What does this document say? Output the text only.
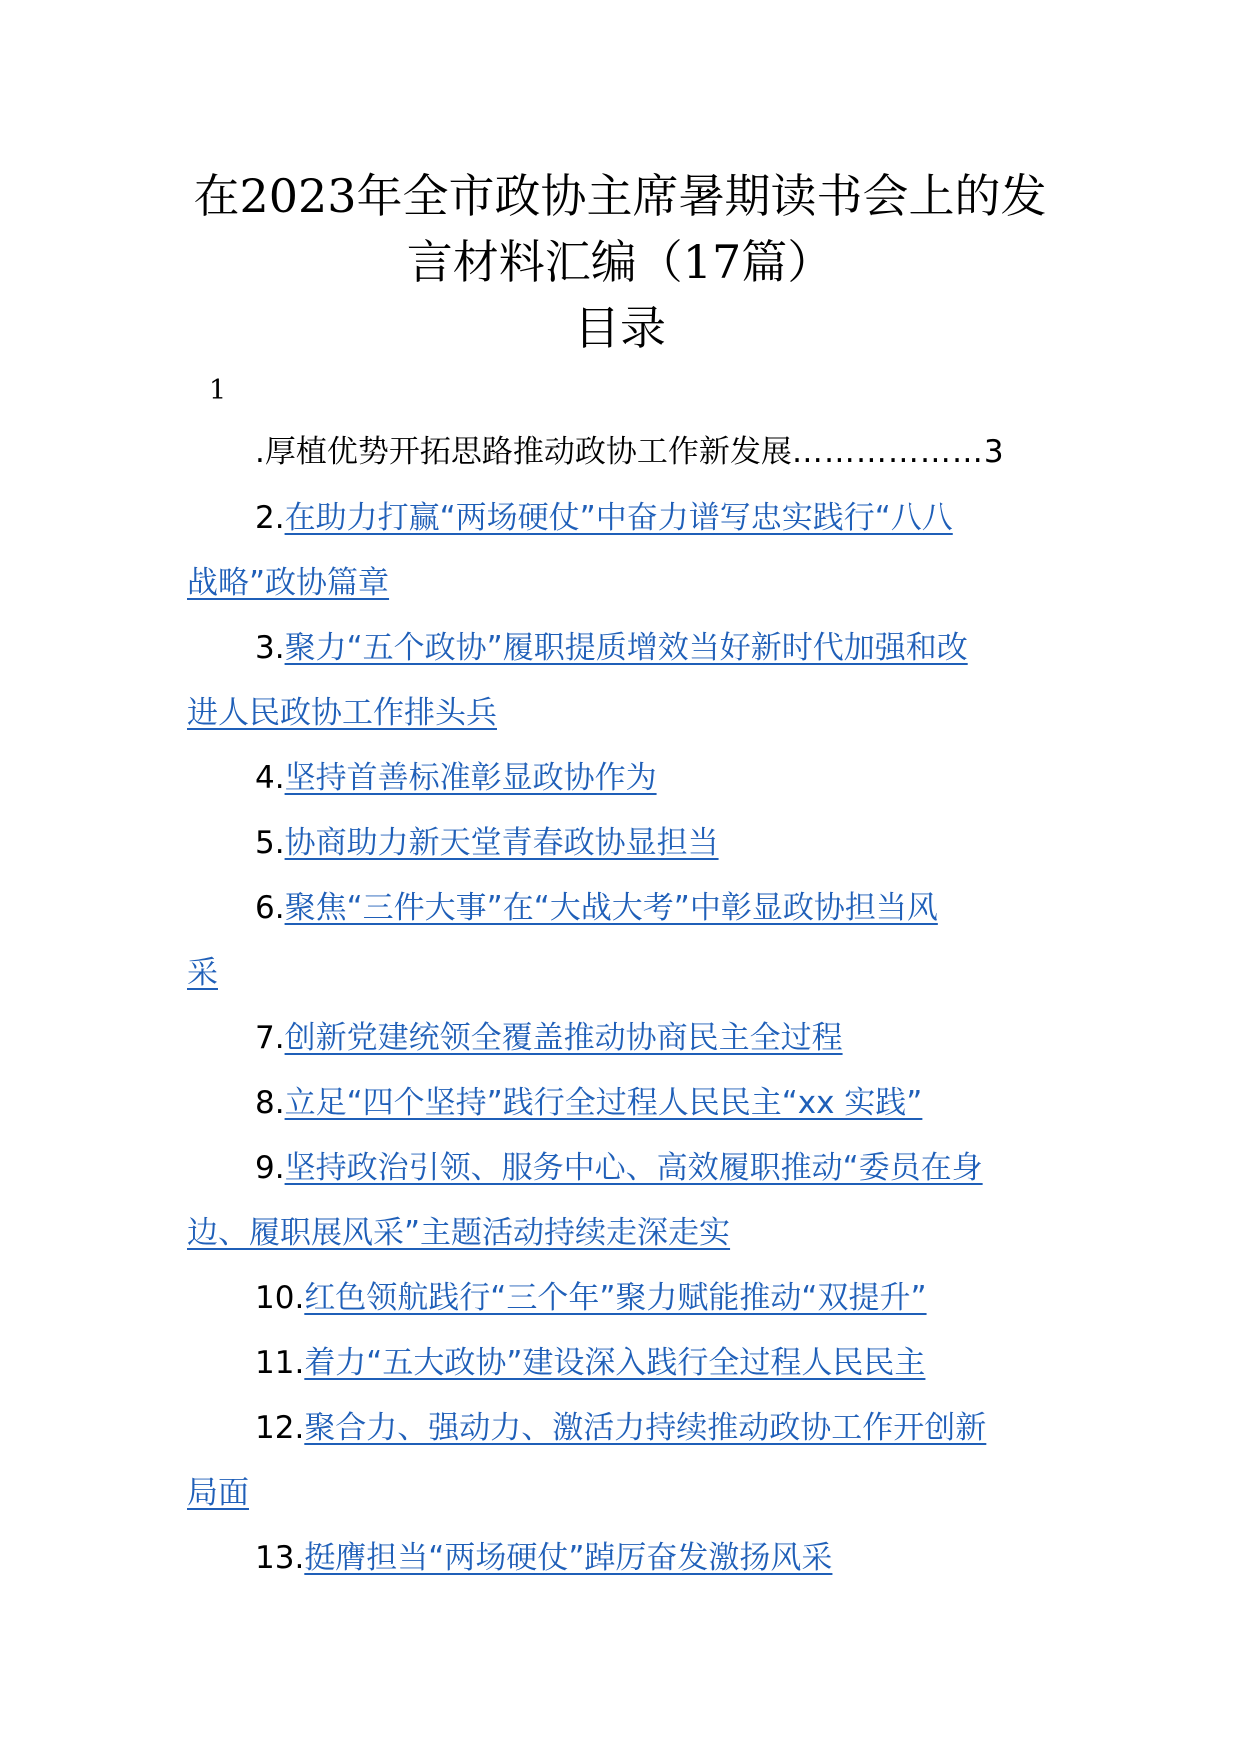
在2023年全市政协主席暑期读书会上的发
言材料汇编（17篇）
目录
1
.厚植优势开拓思路推动政协工作新发展………………3
2.在助力打赢“两场硬仗”中奋力谱写忠实践行“八八
战略”政协篇章
3.聚力“五个政协”履职提质增效当好新时代加强和改
进人民政协工作排头兵
4.坚持首善标准彰显政协作为
5.协商助力新天堂青春政协显担当
6.聚焦“三件大事”在“大战大考”中彰显政协担当风
采
7.创新党建统领全覆盖推动协商民主全过程
8.立足“四个坚持”践行全过程人民民主“xx 实践”
9.坚持政治引领、服务中心、高效履职推动“委员在身
边、履职展风采”主题活动持续走深走实
10.红色领航践行“三个年”聚力赋能推动“双提升”
11.着力“五大政协”建设深入践行全过程人民民主
12.聚合力、强动力、激活力持续推动政协工作开创新
局面
13.挺膺担当“两场硬仗”踔厉奋发激扬风采
